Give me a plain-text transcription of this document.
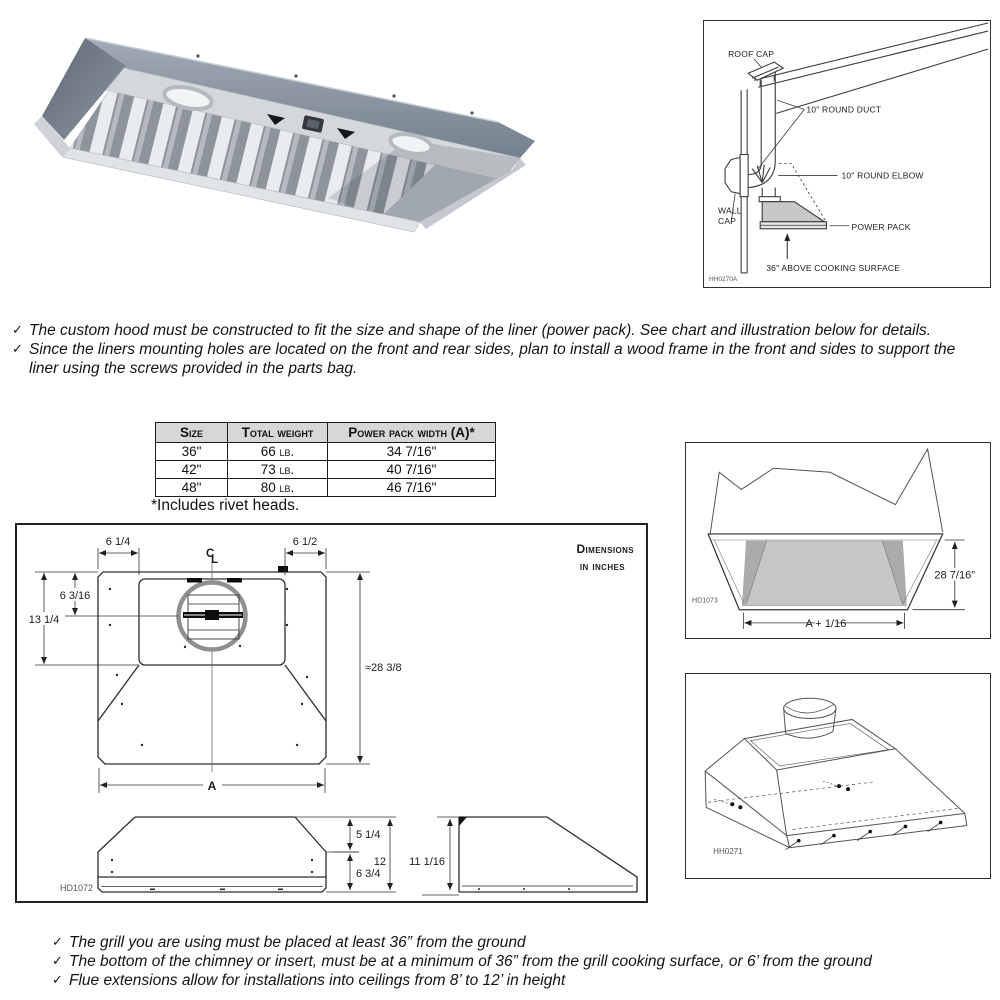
ROOF CAP
10" ROUND DUCT
10" ROUND ELBOW
WALL
CAP
POWER PACK
36" ABOVE COOKING SURFACE
HH0270A
✓ The custom hood must be constructed to fit the size and shape of the liner (power pack). See chart and illustration below for details.
✓ Since the liners mounting holes are located on the front and rear sides, plan to install a wood frame in the front and sides to support the liner using the screws provided in the parts bag.
Size	Total weight	Power pack width (A)*
36"	66 lb.	34 7/16"
42"	73 lb.	40 7/16"
48"	80 lb.	46 7/16"
*Includes rivet heads.
C
L
6 3/16
13 1/4
6 1/4	6 1/2
≈28 3/8
A
5 1/4
6 3/4
12 11 1/16
Dimensions
in inches
HD1072
A + 1/16
28 7/16"
HD1073
HH0271
✓ The grill you are using must be placed at least 36” from the ground
✓ The bottom of the chimney or insert, must be at a minimum of 36” from the grill cooking surface, or 6’ from the ground
✓ Flue extensions allow for installations into ceilings from 8’ to 12’ in height
